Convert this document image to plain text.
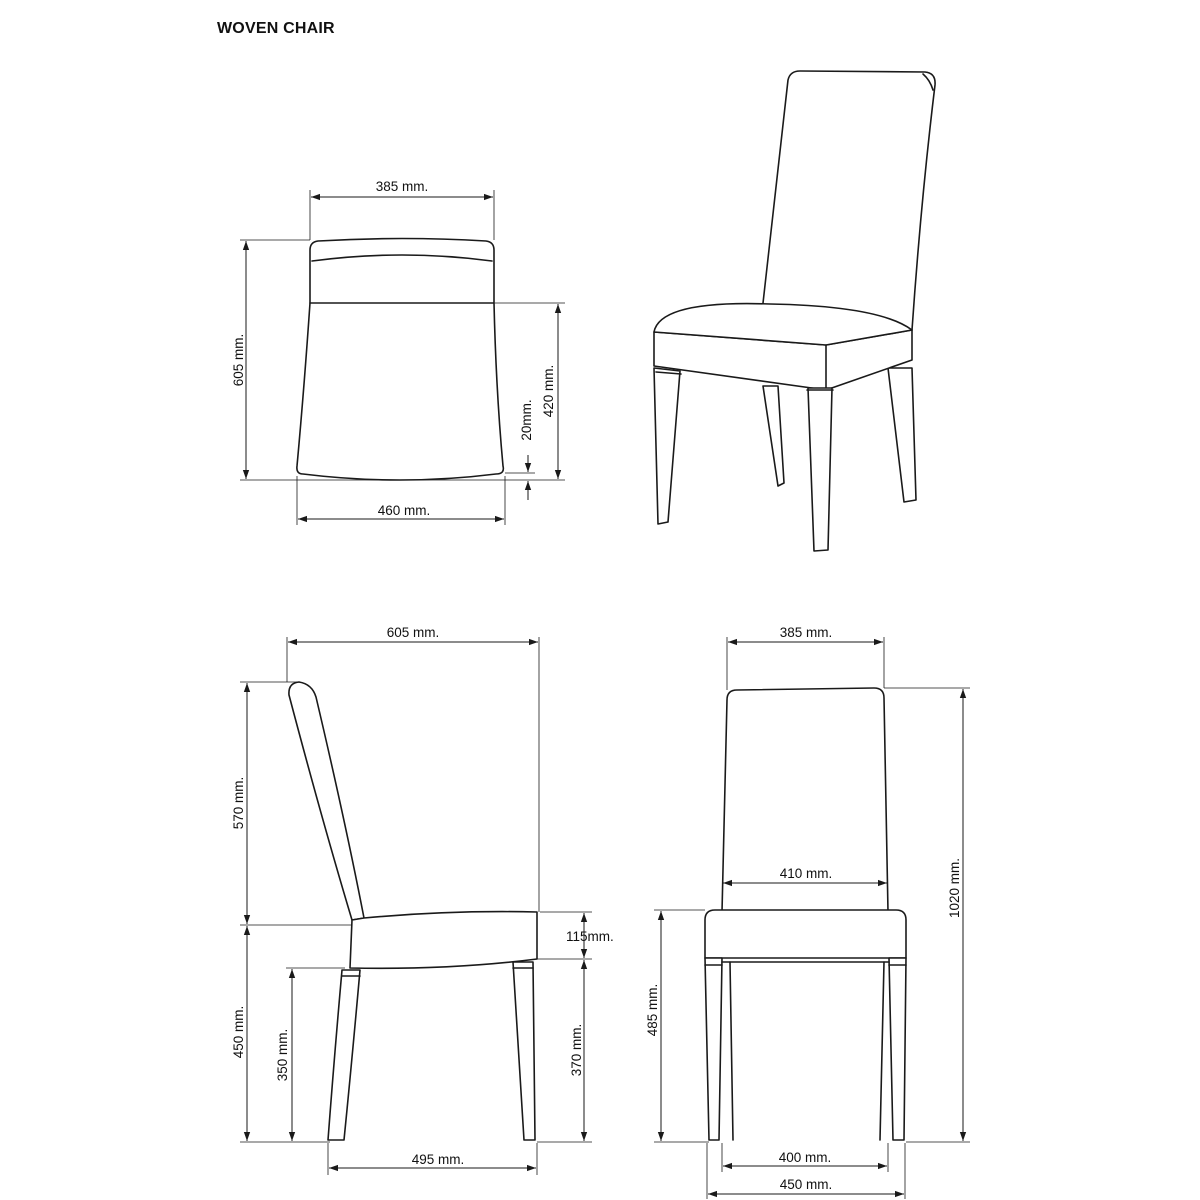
WOVEN CHAIR
385 mm.
605 mm.
420 mm.
20mm.
460 mm.
605 mm.
570 mm.
450 mm. 350 mm.
115mm.
370 mm.
495 mm.
385 mm.
410 mm.	1020 mm.
485 mm.
400 mm.
450 mm.
